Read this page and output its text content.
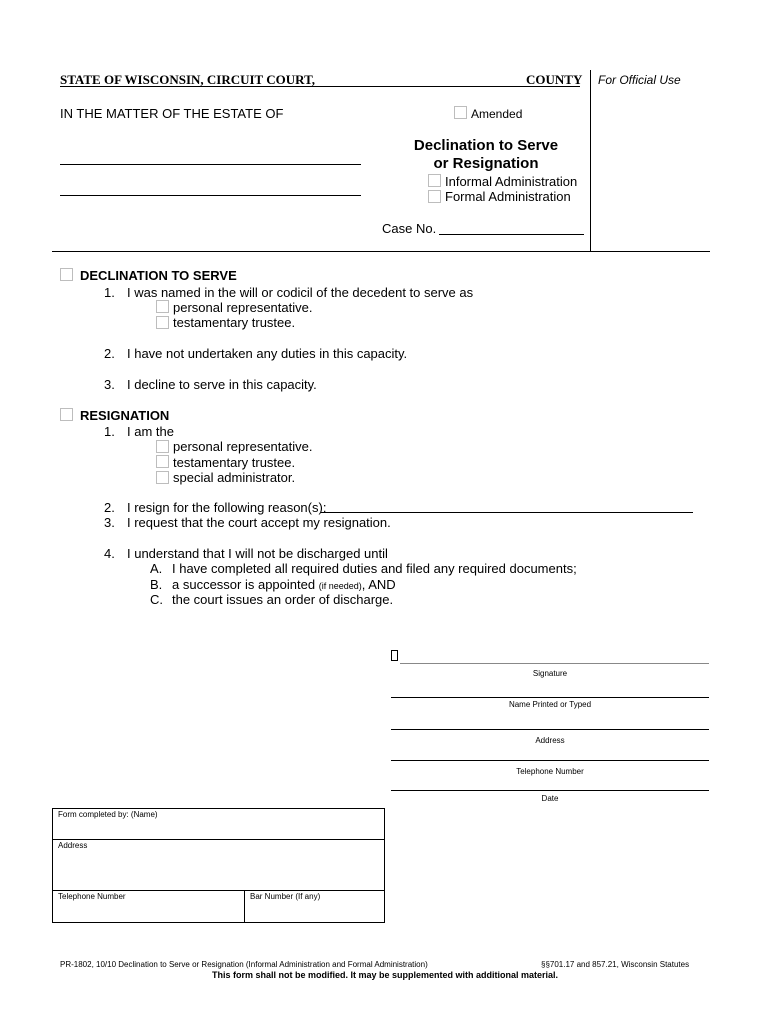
STATE OF WISCONSIN, CIRCUIT COURT,	COUNTY For Official Use
IN THE MATTER OF THE ESTATE OF	Amended
Declination to Serve
or Resignation
Informal Administration
Formal Administration
Case No.
DECLINATION TO SERVE
1. I was named in the will or codicil of the decedent to serve as
personal representative.
testamentary trustee.
2. I have not undertaken any duties in this capacity.
3. I decline to serve in this capacity.
RESIGNATION
1. I am the
personal representative.
testamentary trustee.
special administrator.
2. I resign for the following reason(s):
3. I request that the court accept my resignation.
4. I understand that I will not be discharged until
A. I have completed all required duties and filed any required documents;
B. a successor is appointed (if needed), AND
C. the court issues an order of discharge.
Signature
Name Printed or Typed
Address
Telephone Number
Date
Form completed by: (Name)
Address
Telephone Number	Bar Number (If any)
PR-1802, 10/10 Declination to Serve or Resignation (Informal Administration and Formal Administration)	§§701.17 and 857.21, Wisconsin Statutes
This form shall not be modified. It may be supplemented with additional material.
